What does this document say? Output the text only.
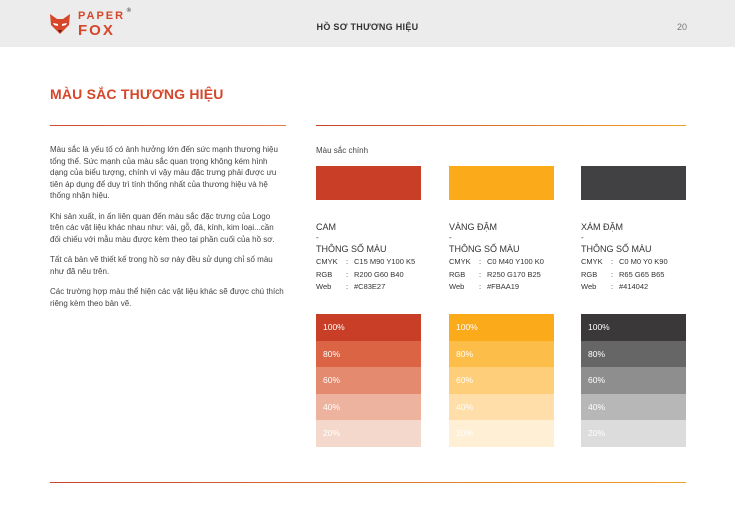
PAPER ®
FOX	HỒ SƠ THƯƠNG HIỆU	20
MÀU SẮC THƯƠNG HIỆU

Màu sắc là yếu tố có ảnh hưởng lớn đến sức mạnh thương hiệu tổng thể. Sức mạnh của màu sắc quan trọng không kém hình dạng của biểu tượng, chính vì vậy màu đặc trưng phải được ưu tiên áp dụng để duy trì tính thống nhất của thương hiệu và hệ thống nhận hiệu.

Khi sản xuất, in ấn liên quan đến màu sắc đặc trưng của Logo trên các vật liệu khác nhau như: vải, gỗ, đá, kính, kim loại...cần đối chiếu với mẫu màu được kèm theo tại phần cuối của hồ sơ.

Tất cả bản vẽ thiết kế trong hồ sơ này đều sử dụng chỉ số màu như đã nêu trên.

Các trường hợp màu thể hiện các vật liệu khác sẽ được chú thích riêng kèm theo bản vẽ.

Màu sắc chính
CAM
-
THÔNG SỐ MÀU
CMYK	: C15 M90 Y100 K5
RGB	: R200 G60 B40
Web	: #C83E27
100%
80%
60%
40%
20%
VÀNG ĐẬM
-
THÔNG SỐ MÀU
CMYK	: C0 M40 Y100 K0
RGB	: R250 G170 B25
Web	: #FBAA19
100%
80%
60%
40%
20%
XÁM ĐẬM
-
THÔNG SỐ MÀU
CMYK	: C0 M0 Y0 K90
RGB	: R65 G65 B65
Web	: #414042
100%
80%
60%
40%
20%
